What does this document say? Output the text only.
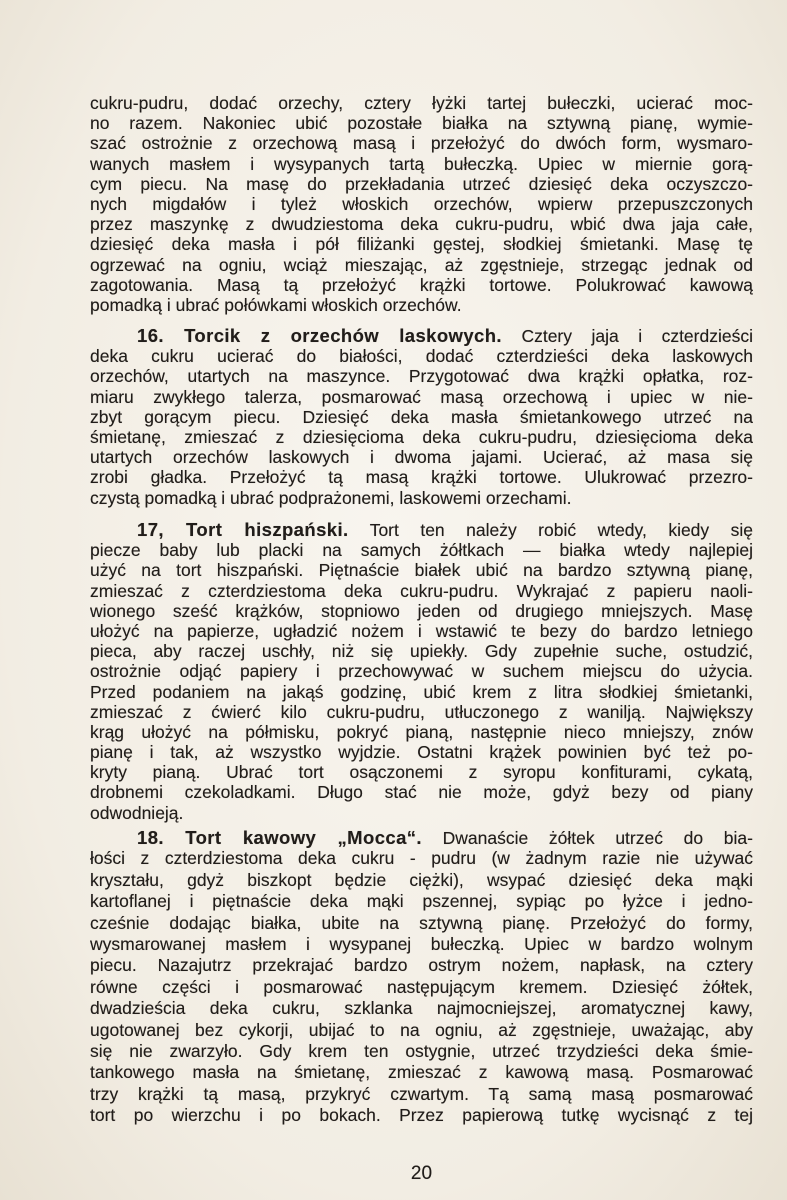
cukru-pudru, dodać orzechy, cztery łyżki tartej bułeczki, ucierać moc-
no razem. Nakoniec ubić pozostałe białka na sztywną pianę, wymie-
szać ostrożnie z orzechową masą i przełożyć do dwóch form, wysmaro-
wanych masłem i wysypanych tartą bułeczką. Upiec w miernie gorą-
cym piecu. Na masę do przekładania utrzeć dziesięć deka oczyszczo-
nych migdałów i tyleż włoskich orzechów, wpierw przepuszczonych
przez maszynkę z dwudziestoma deka cukru-pudru, wbić dwa jaja całe,
dziesięć deka masła i pół filiżanki gęstej, słodkiej śmietanki. Masę tę
ogrzewać na ogniu, wciąż mieszając, aż zgęstnieje, strzegąc jednak od
zagotowania. Masą tą przełożyć krążki tortowe. Polukrować kawową
pomadką i ubrać połówkami włoskich orzechów.
16. Torcik z orzechów laskowych. Cztery jaja i czterdzieści
deka cukru ucierać do białości, dodać czterdzieści deka laskowych
orzechów, utartych na maszynce. Przygotować dwa krążki opłatka, roz-
miaru zwykłego talerza, posmarować masą orzechową i upiec w nie-
zbyt gorącym piecu. Dziesięć deka masła śmietankowego utrzeć na
śmietanę, zmieszać z dziesięcioma deka cukru-pudru, dziesięcioma deka
utartych orzechów laskowych i dwoma jajami. Ucierać, aż masa się
zrobi gładka. Przełożyć tą masą krążki tortowe. Ulukrować przezro-
czystą pomadką i ubrać podprażonemi, laskowemi orzechami.
17, Tort hiszpański. Tort ten należy robić wtedy, kiedy się
piecze baby lub placki na samych żółtkach — białka wtedy najlepiej
użyć na tort hiszpański. Piętnaście białek ubić na bardzo sztywną pianę,
zmieszać z czterdziestoma deka cukru-pudru. Wykrajać z papieru naoli-
wionego sześć krążków, stopniowo jeden od drugiego mniejszych. Masę
ułożyć na papierze, ugładzić nożem i wstawić te bezy do bardzo letniego
pieca, aby raczej uschły, niż się upiekły. Gdy zupełnie suche, ostudzić,
ostrożnie odjąć papiery i przechowywać w suchem miejscu do użycia.
Przed podaniem na jakąś godzinę, ubić krem z litra słodkiej śmietanki,
zmieszać z ćwierć kilo cukru-pudru, utłuczonego z wanilją. Największy
krąg ułożyć na półmisku, pokryć pianą, następnie nieco mniejszy, znów
pianę i tak, aż wszystko wyjdzie. Ostatni krążek powinien być też po-
kryty pianą. Ubrać tort osączonemi z syropu konfiturami, cykatą,
drobnemi czekoladkami. Długo stać nie może, gdyż bezy od piany
odwodnieją.
18. Tort kawowy „Mocca“. Dwanaście żółtek utrzeć do bia-
łości z czterdziestoma deka cukru - pudru (w żadnym razie nie używać
kryształu, gdyż biszkopt będzie ciężki), wsypać dziesięć deka mąki
kartoflanej i piętnaście deka mąki pszennej, sypiąc po łyżce i jedno-
cześnie dodając białka, ubite na sztywną pianę. Przełożyć do formy,
wysmarowanej masłem i wysypanej bułeczką. Upiec w bardzo wolnym
piecu. Nazajutrz przekrajać bardzo ostrym nożem, napłask, na cztery
równe części i posmarować następującym kremem. Dziesięć żółtek,
dwadzieścia deka cukru, szklanka najmocniejszej, aromatycznej kawy,
ugotowanej bez cykorji, ubijać to na ogniu, aż zgęstnieje, uważając, aby
się nie zwarzyło. Gdy krem ten ostygnie, utrzeć trzydzieści deka śmie-
tankowego masła na śmietanę, zmieszać z kawową masą. Posmarować
trzy krążki tą masą, przykryć czwartym. Tą samą masą posmarować
tort po wierzchu i po bokach. Przez papierową tutkę wycisnąć z tej
20
